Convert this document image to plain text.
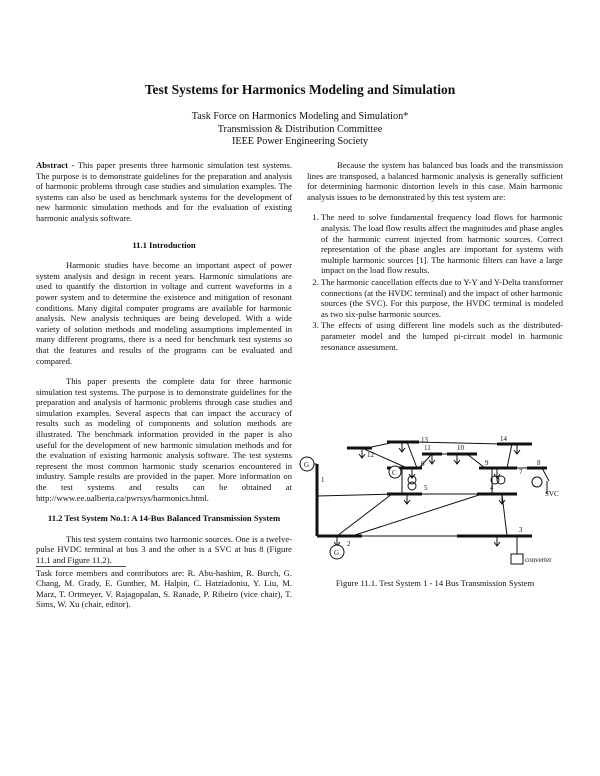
Test Systems for Harmonics Modeling and Simulation
Task Force on Harmonics Modeling and Simulation*
Transmission & Distribution Committee
IEEE Power Engineering Society

Abstract - This paper presents three harmonic simulation test systems. The purpose is to demonstrate guidelines for the preparation and analysis of harmonic problems through case studies and simulation examples. The systems can also be used as benchmark systems for the development of new harmonic simulation methods and for the evaluation of existing harmonic analysis software.

11.1 Introduction

Harmonic studies have become an important aspect of power system analysis and design in recent years. Harmonic simulations are used to quantify the distortion in voltage and current waveforms in a power system and to determine the existence and mitigation of resonant conditions. Many digital computer programs are available for harmonic analysis. New analysis techniques are being developed. With a wide variety of solution methods and modeling assumptions implemented in many different programs, there is a need for benchmark test systems so that the features and results of the programs can be evaluated and compared.

This paper presents the complete data for three harmonic simulation test systems. The purpose is to demonstrate guidelines for the preparation and analysis of harmonic problems through case studies and simulation examples. Several aspects that can impact the accuracy of results such as modeling of components and solution methods are illustrated. The benchmark information provided in the paper is also useful for the development of new harmonic simulation methods and for the evaluation of existing harmonic analysis software. The test systems represent the most common harmonic study scenarios encountered in industry. Sample results are provided in the paper. More information on the test systems and results can be obtained at http://www.ee.ualberta.ca/pwrsys/harmonics.html.

11.2 Test System No.1: A 14-Bus Balanced Transmission System

This test system contains two harmonic sources. One is a twelve-pulse HVDC terminal at bus 3 and the other is a SVC at bus 8 (Figure 11.1 and Figure 11.2).

Task force members and contributors are: R. Abu-hashim, R. Burch, G. Chang, M. Grady, E. Gunther, M. Halpin, C. Hatziadoniu, Y. Liu, M. Marz, T. Ortmeyer, V. Rajagopalan, S. Ranade, P. Ribeiro (vice chair), T. Sims, W. Xu (chair, editor).

Because the system has balanced bus loads and the transmission lines are transposed, a balanced harmonic analysis is generally sufficient for determining harmonic distortion levels in this case. Main harmonic analysis issues to be demonstrated by this test system are:

1. The need to solve fundamental frequency load flows for harmonic analysis. The load flow results affect the magnitudes and phase angles of the harmonic current injected from harmonic sources. Correct representation of the phase angles are important for systems with multiple harmonic sources [1]. The harmonic filters can have a large impact on the load flow results.
2. The harmonic cancellation effects due to Y-Y and Y-Delta transformer connections (at the HVDC terminal) and the impact of other harmonic sources (the SVC). For this purpose, the HVDC terminal is modeled as two six-pulse harmonic sources.
3. The effects of using different line models such as the distributed-parameter model and the lumped pi-circuit model in harmonic resonance assessment.
G
G
C
1
2
3
4
5
6
7
8
9
10
11
12
13	14
SVC
converter
Figure 11.1. Test System 1 - 14 Bus Transmission System
